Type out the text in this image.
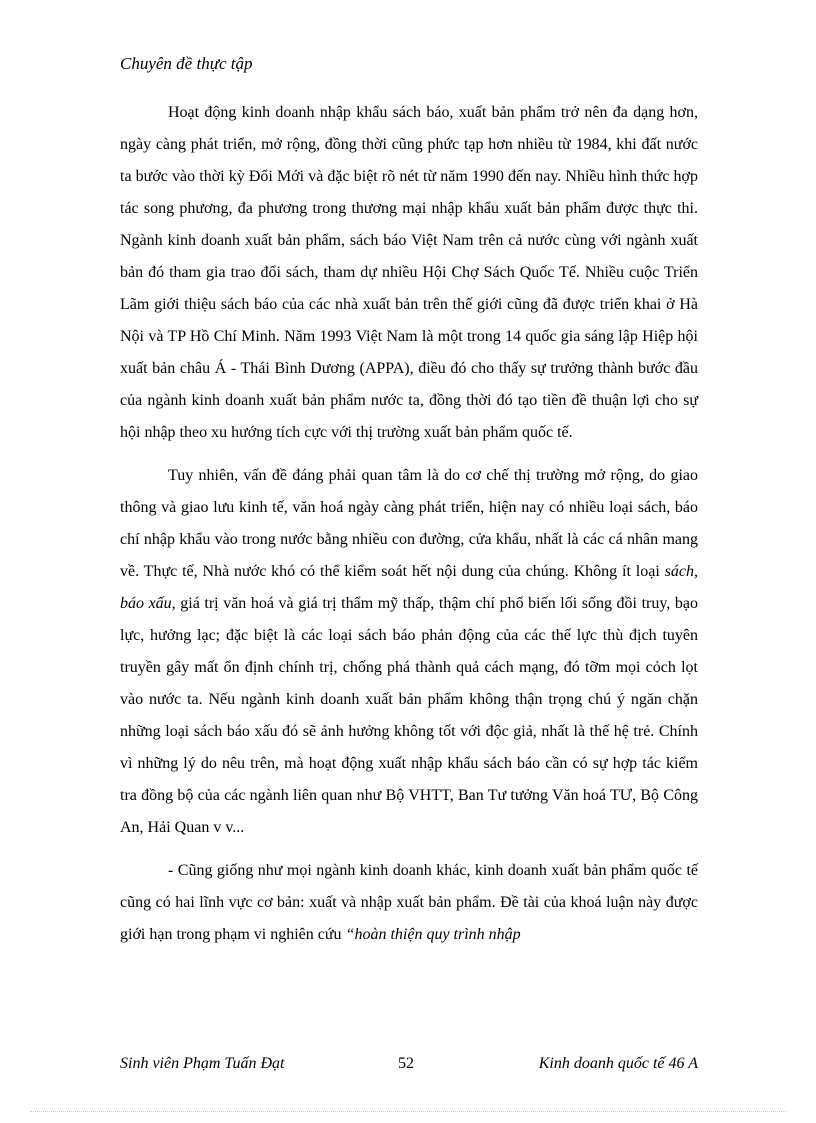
Chuyên đề thực tập

Hoạt động kinh doanh nhập khẩu sách báo, xuất bản phẩm trở nên đa dạng hơn, ngày càng phát triển, mở rộng, đồng thời cũng phức tạp hơn nhiều từ 1984, khi đất nước ta bước vào thời kỳ Đổi Mới và đặc biệt rõ nét từ năm 1990 đến nay. Nhiều hình thức hợp tác song phương, đa phương trong thương mại nhập khẩu xuất bản phẩm được thực thi. Ngành kinh doanh xuất bản phẩm, sách báo Việt Nam trên cả nước cùng với ngành xuất bản đó tham gia trao đổi sách, tham dự nhiều Hội Chợ Sách Quốc Tế. Nhiều cuộc Triển Lãm giới thiệu sách báo của các nhà xuất bản trên thế giới cũng đã được triển khai ở Hà Nội và TP Hồ Chí Minh. Năm 1993 Việt Nam là một trong 14 quốc gia sáng lập Hiệp hội xuất bản châu Á - Thái Bình Dương (APPA), điều đó cho thấy sự trưởng thành bước đầu của ngành kinh doanh xuất bản phẩm nước ta, đồng thời đó tạo tiền đề thuận lợi cho sự hội nhập theo xu hướng tích cực với thị trường xuất bản phẩm quốc tế.

Tuy nhiên, vấn đề đáng phải quan tâm là do cơ chế thị trường mở rộng, do giao thông và giao lưu kinh tế, văn hoá ngày càng phát triển, hiện nay có nhiều loại sách, báo chí nhập khẩu vào trong nước bằng nhiều con đường, cửa khẩu, nhất là các cá nhân mang về. Thực tế, Nhà nước khó có thể kiểm soát hết nội dung của chúng. Không ít loại sách, báo xấu, giá trị văn hoá và giá trị thẩm mỹ thấp, thậm chí phổ biến lối sống đồi truy, bạo lực, hưởng lạc; đặc biệt là các loại sách báo phản động của các thế lực thù địch tuyên truyền gây mất ổn định chính trị, chống phá thành quả cách mạng, đó tỡm mọi cỏch lọt vào nước ta. Nếu ngành kinh doanh xuất bản phẩm không thận trọng chú ý ngăn chặn những loại sách báo xấu đó sẽ ảnh hưởng không tốt với độc giả, nhất là thế hệ trẻ. Chính vì những lý do nêu trên, mà hoạt động xuất nhập khẩu sách báo cần có sự hợp tác kiểm tra đồng bộ của các ngành liên quan như Bộ VHTT, Ban Tư tưởng Văn hoá TƯ, Bộ Công An, Hải Quan v v...

- Cũng giống như mọi ngành kinh doanh khác, kinh doanh xuất bản phẩm quốc tế cũng có hai lĩnh vực cơ bản: xuất và nhập xuất bản phẩm. Đề tài của khoá luận này được giới hạn trong phạm vi nghiên cứu “hoàn thiện quy trình nhập

Sinh viên Phạm Tuấn Đạt	52	Kinh doanh quốc tế 46 A
